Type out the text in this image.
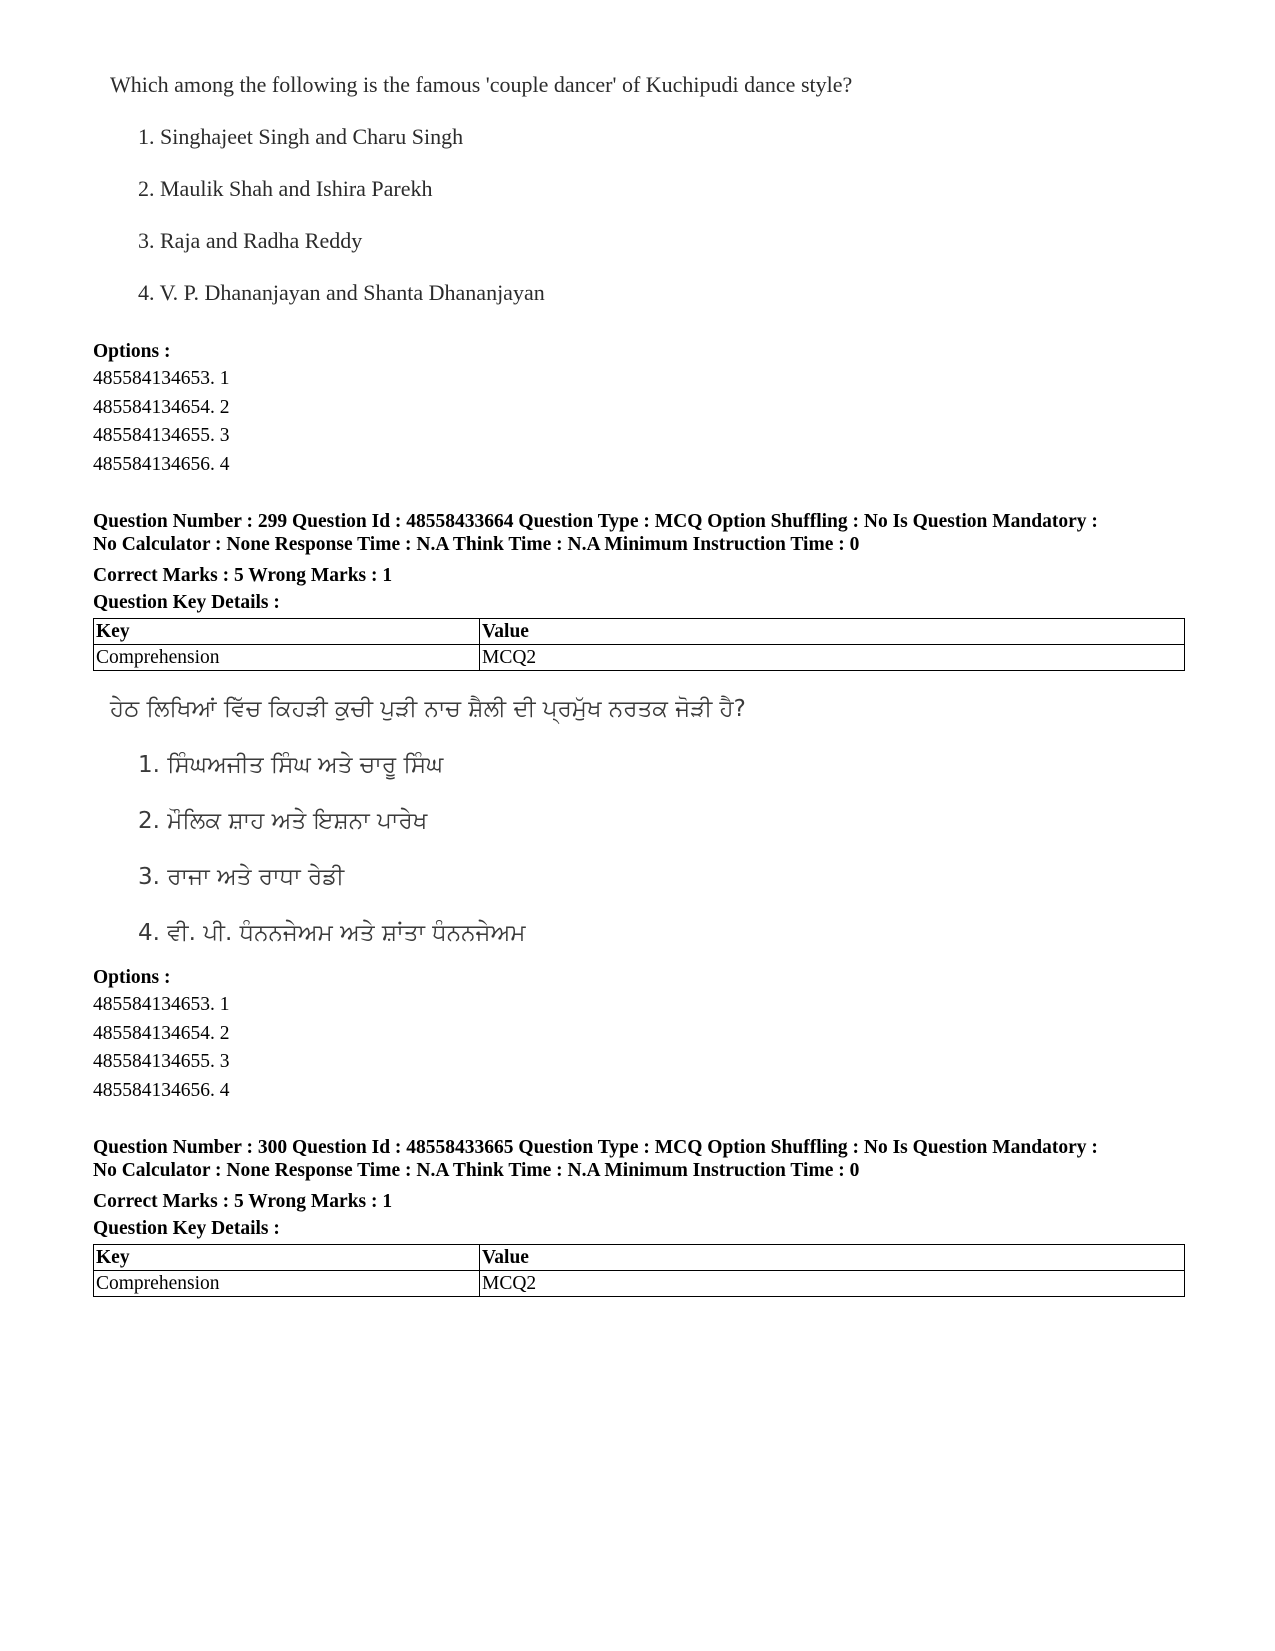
Which among the following is the famous 'couple dancer' of Kuchipudi dance style?
1. Singhajeet Singh and Charu Singh
2. Maulik Shah and Ishira Parekh
3. Raja and Radha Reddy
4. V. P. Dhananjayan and Shanta Dhananjayan
Options :
485584134653. 1
485584134654. 2
485584134655. 3
485584134656. 4
Question Number : 299 Question Id : 48558433664 Question Type : MCQ Option Shuffling : No Is Question Mandatory :
No Calculator : None Response Time : N.A Think Time : N.A Minimum Instruction Time : 0
Correct Marks : 5 Wrong Marks : 1
Question Key Details :
Key	Value
Comprehension	MCQ2
ਹੇਠ ਲਿਖਿਆਂ ਵਿੱਚ ਕਿਹੜੀ ਕੁਚੀ ਪੁੜੀ ਨਾਚ ਸ਼ੈਲੀ ਦੀ ਪ੍ਰਮੁੱਖ ਨਰਤਕ ਜੋੜੀ ਹੈ?
1. ਸਿੰਘਅਜੀਤ ਸਿੰਘ ਅਤੇ ਚਾਰੂ ਸਿੰਘ
2. ਮੌਲਿਕ ਸ਼ਾਹ ਅਤੇ ਇਸ਼ਨਾ ਪਾਰੇਖ
3. ਰਾਜਾ ਅਤੇ ਰਾਧਾ ਰੇਡੀ
4. ਵੀ. ਪੀ. ਧੰਨਨਜੇਅਮ ਅਤੇ ਸ਼ਾਂਤਾ ਧੰਨਨਜੇਅਮ
Options :
485584134653. 1
485584134654. 2
485584134655. 3
485584134656. 4
Question Number : 300 Question Id : 48558433665 Question Type : MCQ Option Shuffling : No Is Question Mandatory :
No Calculator : None Response Time : N.A Think Time : N.A Minimum Instruction Time : 0
Correct Marks : 5 Wrong Marks : 1
Question Key Details :
Key	Value
Comprehension	MCQ2
